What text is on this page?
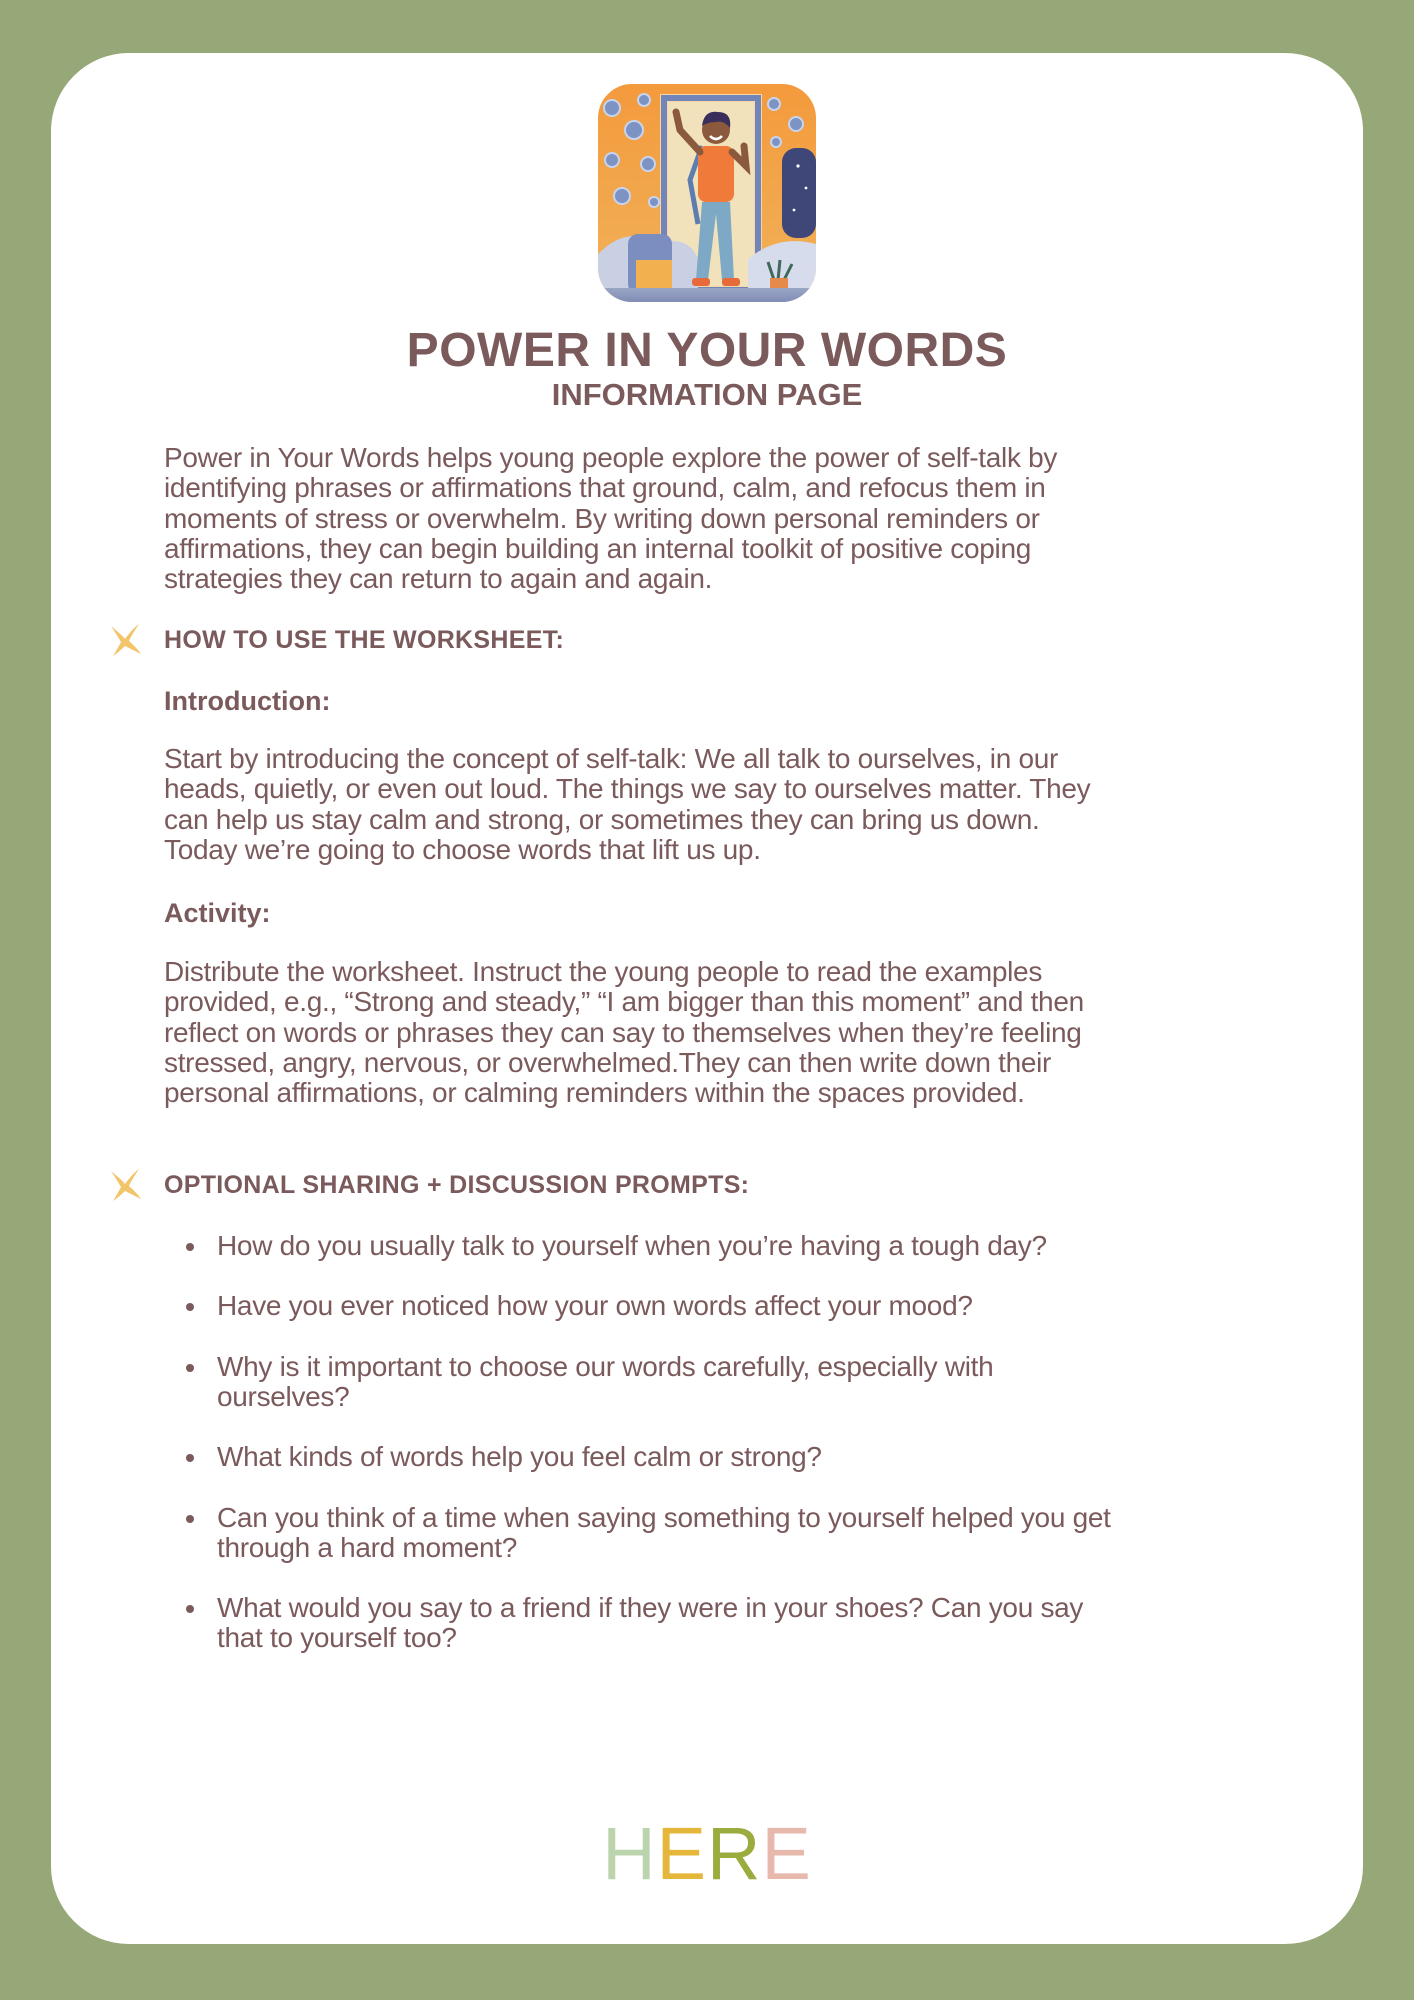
POWER IN YOUR WORDS
INFORMATION PAGE

Power in Your Words helps young people explore the power of self-talk by
identifying phrases or affirmations that ground, calm, and refocus them in
moments of stress or overwhelm. By writing down personal reminders or
affirmations, they can begin building an internal toolkit of positive coping
strategies they can return to again and again.

HOW TO USE THE WORKSHEET:
Introduction:

Start by introducing the concept of self-talk: We all talk to ourselves, in our
heads, quietly, or even out loud. The things we say to ourselves matter. They
can help us stay calm and strong, or sometimes they can bring us down.
Today we’re going to choose words that lift us up.

Activity:

Distribute the worksheet. Instruct the young people to read the examples
provided, e.g., “Strong and steady,” “I am bigger than this moment” and then
reflect on words or phrases they can say to themselves when they’re feeling
stressed, angry, nervous, or overwhelmed.They can then write down their
personal affirmations, or calming reminders within the spaces provided.

OPTIONAL SHARING + DISCUSSION PROMPTS:
How do you usually talk to yourself when you’re having a tough day?
Have you ever noticed how your own words affect your mood?
Why is it important to choose our words carefully, especially with
ourselves?
What kinds of words help you feel calm or strong?
Can you think of a time when saying something to yourself helped you get
through a hard moment?
What would you say to a friend if they were in your shoes? Can you say
that to yourself too?
HERE
